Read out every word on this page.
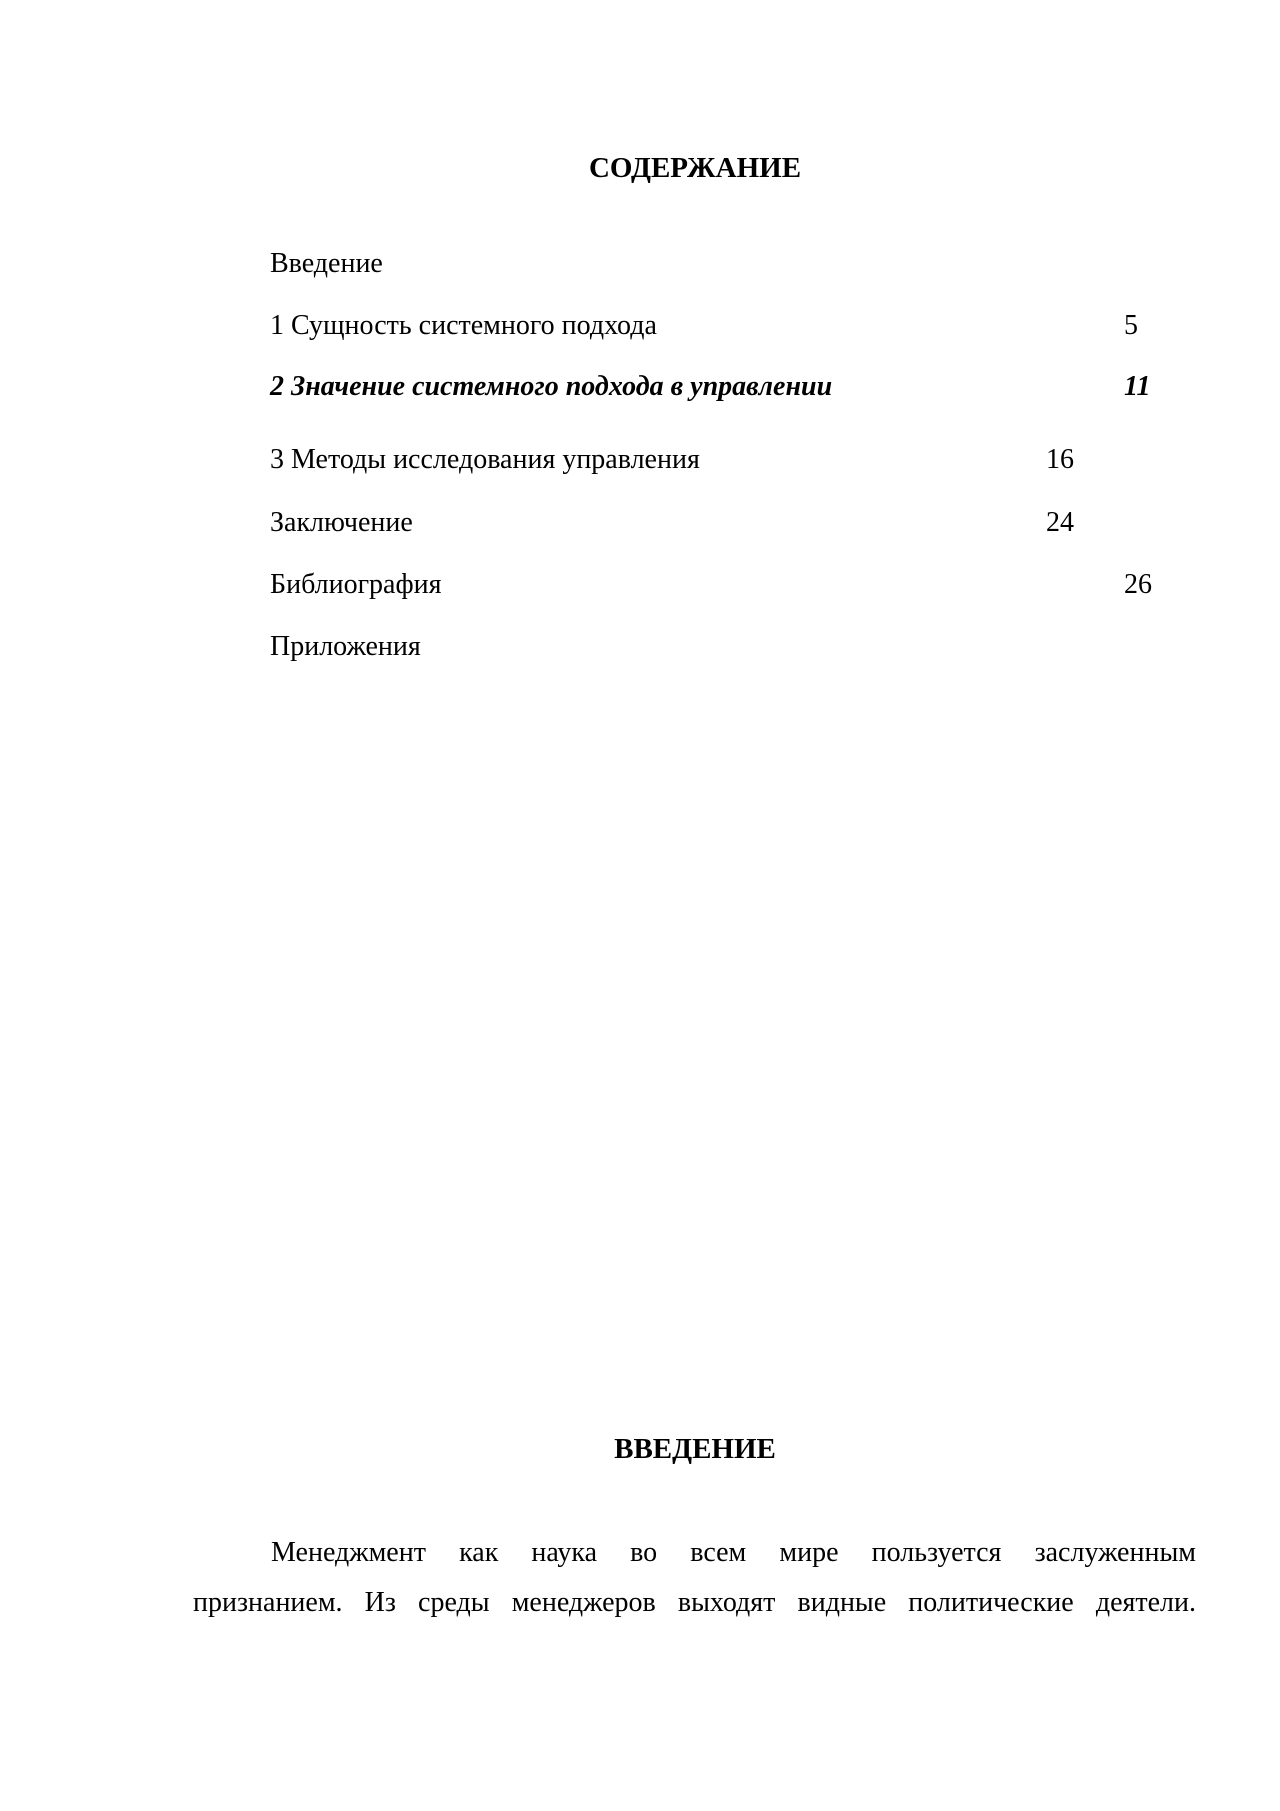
СОДЕРЖАНИЕ
Введение
1 Сущность системного подхода	5
2 Значение системного подхода в управлении	11
3 Методы исследования управления	16
Заключение	24
Библиография	26
Приложения
ВВЕДЕНИЕ

Менеджмент как наука во всем мире пользуется заслуженным

признанием. Из среды менеджеров выходят видные политические деятели.
